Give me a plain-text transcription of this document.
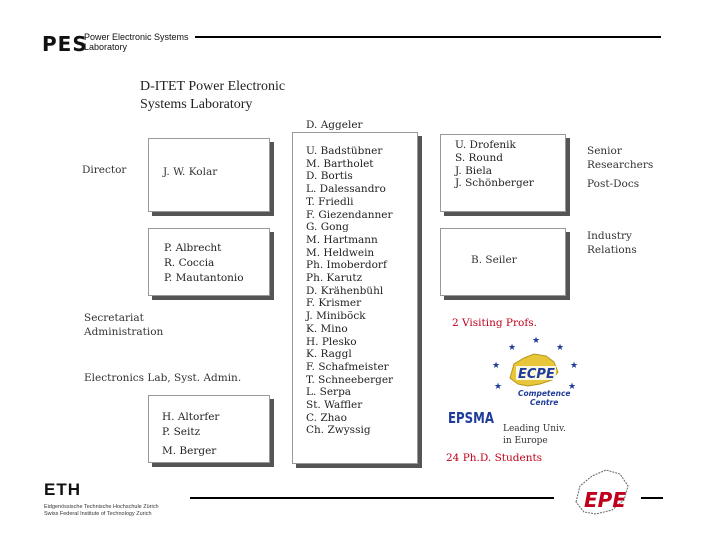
PES
Power Electronic Systems
Laboratory
D-ITET Power Electronic
Systems Laboratory
Director
Secretariat
Administration
Electronics Lab, Syst. Admin.
J. W. Kolar
P. Albrecht
R. Coccia
P. Mautantonio
H. Altorfer
P. Seitz
M. Berger
D. Aggeler
U. Badstübner
M. Bartholet
D. Bortis
L. Dalessandro
T. Friedli
F. Giezendanner
G. Gong
M. Hartmann
M. Heldwein
Ph. Imoberdorf
Ph. Karutz
D. Krähenbühl
F. Krismer
J. Minibõck
K. Mino
H. Plesko
K. Raggl
F. Schafmeister
T. Schneeberger
L. Serpa
St. Waffler
C. Zhao
Ch. Zwyssig
U. Drofenik
S. Round
J. Biela
J. Schönberger
Senior
Researchers
Post-Docs
Industry
Relations
B. Seiler
2 Visiting Profs.
★
★
★
★
★
★
★
ECPE
Competence
Centre
EPSMA
Leading Univ.
in Europe
24 Ph.D. Students
ETH
Eidgenössische Technische Hochschule Zürich
Swiss Federal Institute of Technology Zurich
EPE
